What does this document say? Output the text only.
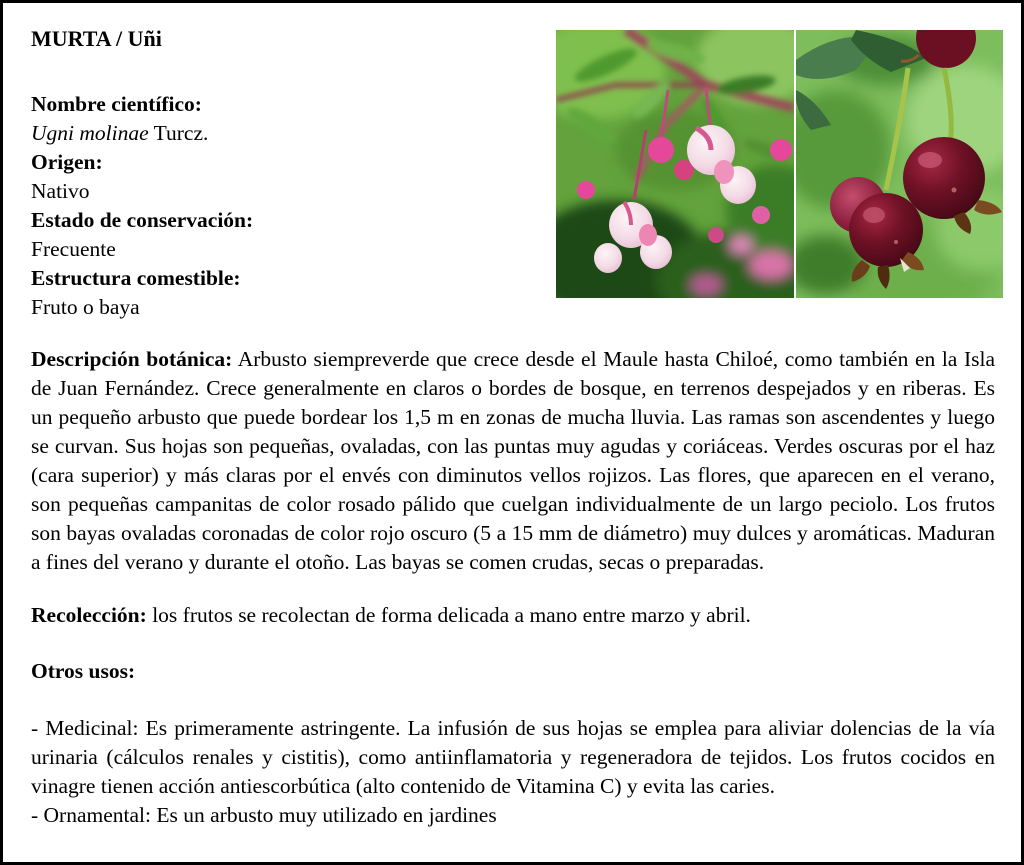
MURTA / Uñi
Nombre científico:
Ugni molinae Turcz.
Origen:
Nativo
Estado de conservación:
Frecuente
Estructura comestible:
Fruto o baya

Descripción botánica: Arbusto siempreverde que crece desde el Maule hasta Chiloé, como también en la Isla de Juan Fernández. Crece generalmente en claros o bordes de bosque, en terrenos despejados y en riberas. Es un pequeño arbusto que puede bordear los 1,5 m en zonas de mucha lluvia. Las ramas son ascendentes y luego se curvan. Sus hojas son pequeñas, ovaladas, con las puntas muy agudas y coriáceas. Verdes oscuras por el haz (cara superior) y más claras por el envés con diminutos vellos rojizos. Las flores, que aparecen en el verano, son pequeñas campanitas de color rosado pálido que cuelgan individualmente de un largo peciolo. Los frutos son bayas ovaladas coronadas de color rojo oscuro (5 a 15 mm de diámetro) muy dulces y aromáticas. Maduran a fines del verano y durante el otoño. Las bayas se comen crudas, secas o preparadas.

Recolección: los frutos se recolectan de forma delicada a mano entre marzo y abril.

Otros usos:

- Medicinal: Es primeramente astringente. La infusión de sus hojas se emplea para aliviar dolencias de la vía urinaria (cálculos renales y cistitis), como antiinflamatoria y regeneradora de tejidos. Los frutos cocidos en vinagre tienen acción antiescorbútica (alto contenido de Vitamina C) y evita las caries.

- Ornamental: Es un arbusto muy utilizado en jardines
